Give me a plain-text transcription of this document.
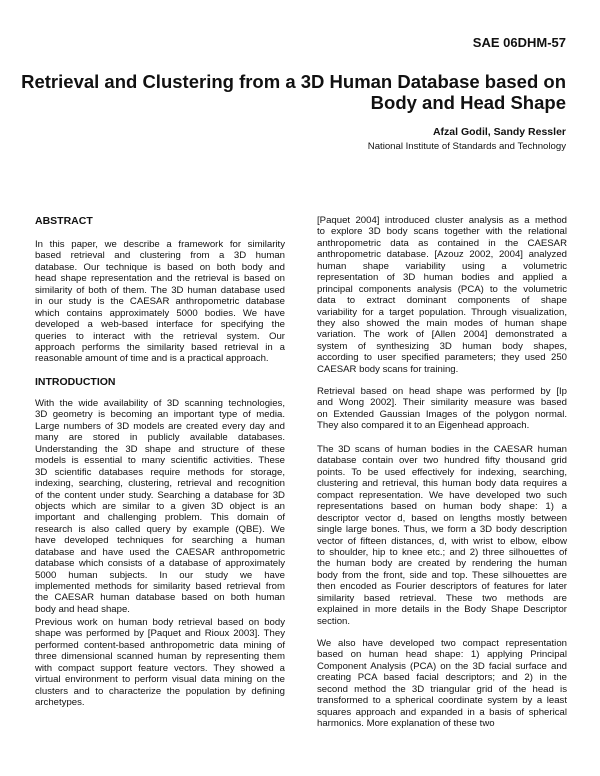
SAE 06DHM-57
Retrieval and Clustering from a 3D Human Database based on
Body and Head Shape
Afzal Godil, Sandy Ressler
National Institute of Standards and Technology
ABSTRACT
In this paper, we describe a framework for similarity
based retrieval and clustering from a 3D human
database. Our technique is based on both body and
head shape representation and the retrieval is based on
similarity of both of them. The 3D human database used
in our study is the CAESAR anthropometric database
which contains approximately 5000 bodies. We have
developed a web-based interface for specifying the
queries to interact with the retrieval system. Our
approach performs the similarity based retrieval in a
reasonable amount of time and is a practical approach.
INTRODUCTION
With the wide availability of 3D scanning technologies,
3D geometry is becoming an important type of media.
Large numbers of 3D models are created every day and
many are stored in publicly available databases.
Understanding the 3D shape and structure of these
models is essential to many scientific activities. These
3D scientific databases require methods for storage,
indexing, searching, clustering, retrieval and recognition
of the content under study. Searching a database for 3D
objects which are similar to a given 3D object is an
important and challenging problem. This domain of
research is also called query by example (QBE). We
have developed techniques for searching a human
database and have used the CAESAR anthropometric
database which consists of a database of approximately
5000 human subjects. In our study we have
implemented methods for similarity based retrieval from
the CAESAR human database based on both human
body and head shape.
Previous work on human body retrieval based on body
shape was performed by [Paquet and Rioux 2003]. They
performed content-based anthropometric data mining of
three dimensional scanned human by representing them
with compact support feature vectors. They showed a
virtual environment to perform visual data mining on the
clusters and to characterize the population by defining
archetypes.
[Paquet 2004] introduced cluster analysis as a method
to explore 3D body scans together with the relational
anthropometric data as contained in the CAESAR
anthropometric database. [Azouz 2002, 2004] analyzed
human shape variability using a volumetric
representation of 3D human bodies and applied a
principal components analysis (PCA) to the volumetric
data to extract dominant components of shape
variability for a target population. Through visualization,
they also showed the main modes of human shape
variation. The work of [Allen 2004] demonstrated a
system of synthesizing 3D human body shapes,
according to user specified parameters; they used 250
CAESAR body scans for training.
Retrieval based on head shape was performed by [Ip
and Wong 2002]. Their similarity measure was based
on Extended Gaussian Images of the polygon normal.
They also compared it to an Eigenhead approach.
The 3D scans of human bodies in the CAESAR human
database contain over two hundred fifty thousand grid
points. To be used effectively for indexing, searching,
clustering and retrieval, this human body data requires a
compact representation. We have developed two such
representations based on human body shape: 1) a
descriptor vector d, based on lengths mostly between
single large bones. Thus, we form a 3D body description
vector of fifteen distances, d, with wrist to elbow, elbow
to shoulder, hip to knee etc.; and 2) three silhouettes of
the human body are created by rendering the human
body from the front, side and top. These silhouettes are
then encoded as Fourier descriptors of features for later
similarity based retrieval. These two methods are
explained in more details in the Body Shape Descriptor
section.
We also have developed two compact representation
based on human head shape: 1) applying Principal
Component Analysis (PCA) on the 3D facial surface and
creating PCA based facial descriptors; and 2) in the
second method the 3D triangular grid of the head is
transformed to a spherical coordinate system by a least
squares approach and expanded in a basis of spherical
harmonics. More explanation of these two
